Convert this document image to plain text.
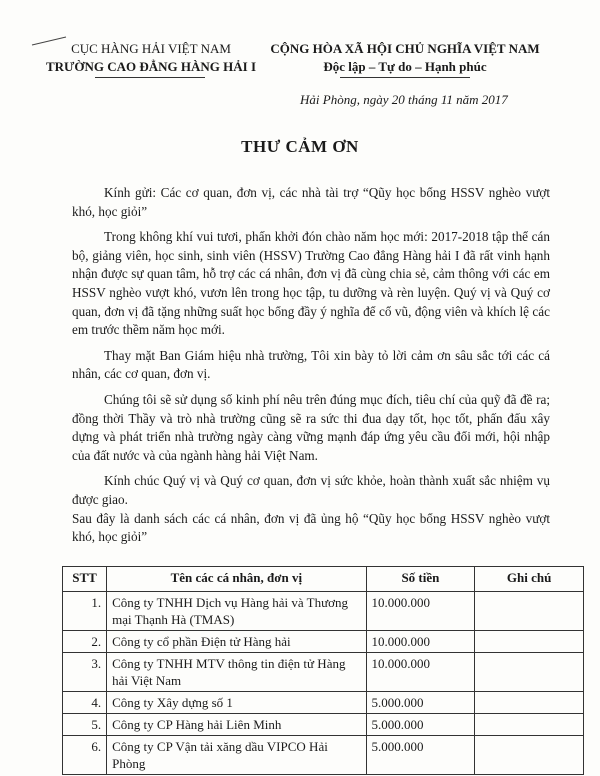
CỤC HÀNG HẢI VIỆT NAM
TRƯỜNG CAO ĐẲNG HÀNG HẢI I
CỘNG HÒA XÃ HỘI CHỦ NGHĨA VIỆT NAM
Độc lập – Tự do – Hạnh phúc
Hải Phòng, ngày 20 tháng 11 năm 2017
THƯ CẢM ƠN

Kính gửi: Các cơ quan, đơn vị, các nhà tài trợ “Qũy học bổng HSSV nghèo vượt khó, học giỏi”

Trong không khí vui tươi, phấn khởi đón chào năm học mới: 2017-2018 tập thể cán bộ, giảng viên, học sinh, sinh viên (HSSV) Trường Cao đẳng Hàng hải I đã rất vinh hạnh nhận được sự quan tâm, hỗ trợ các cá nhân, đơn vị đã cùng chia sẻ, cảm thông với các em HSSV nghèo vượt khó, vươn lên trong học tập, tu dưỡng và rèn luyện. Quý vị và Quý cơ quan, đơn vị đã tặng những suất học bổng đầy ý nghĩa để cổ vũ, động viên và khích lệ các em trước thềm năm học mới.

Thay mặt Ban Giám hiệu nhà trường, Tôi xin bày tỏ lời cảm ơn sâu sắc tới các cá nhân, các cơ quan, đơn vị.

Chúng tôi sẽ sử dụng số kinh phí nêu trên đúng mục đích, tiêu chí của quỹ đã đề ra; đồng thời Thầy và trò nhà trường cũng sẽ ra sức thi đua dạy tốt, học tốt, phấn đấu xây dựng và phát triển nhà trường ngày càng vững mạnh đáp ứng yêu cầu đổi mới, hội nhập của đất nước và của ngành hàng hải Việt Nam.

Kính chúc Quý vị và Quý cơ quan, đơn vị sức khỏe, hoàn thành xuất sắc nhiệm vụ được giao.

Sau đây là danh sách các cá nhân, đơn vị đã ủng hộ “Qũy học bổng HSSV nghèo vượt khó, học giỏi”

STT	Tên các cá nhân, đơn vị	Số tiền	Ghi chú
1.	Công ty TNHH Dịch vụ Hàng hải và Thương mại Thạnh Hà (TMAS)	10.000.000	
2.	Công ty cổ phần Điện tử Hàng hải	10.000.000	
3.	Công ty TNHH MTV thông tin điện tử Hàng hải Việt Nam	10.000.000	
4.	Công ty Xây dựng số 1	5.000.000	
5.	Công ty CP Hàng hải Liên Minh	5.000.000	
6.	Công ty CP Vận tải xăng dầu VIPCO Hải Phòng	5.000.000	
